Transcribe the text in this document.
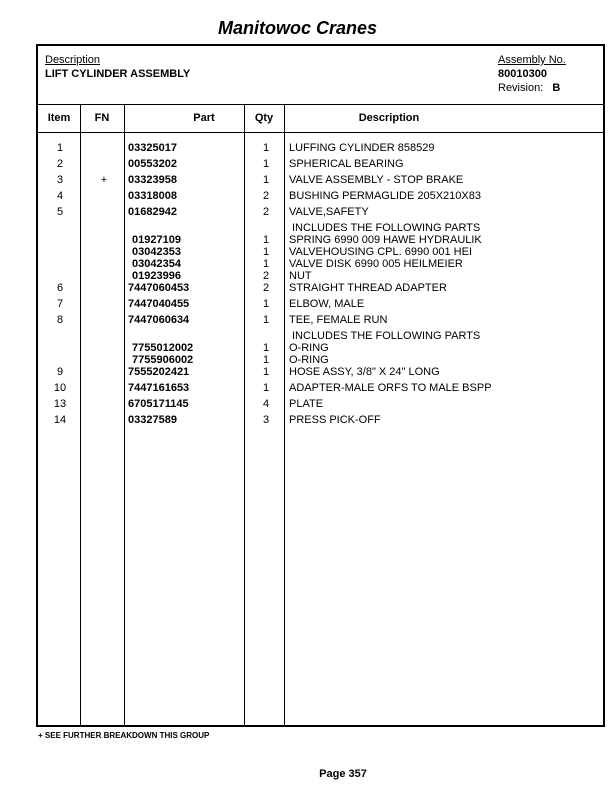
Manitowoc Cranes
Description
LIFT CYLINDER ASSEMBLY
Assembly No.
80010300
Revision: B
Item	FN	Part	Qty	Description
1	03325017	1	LUFFING CYLINDER 858529
2	00553202	1	SPHERICAL BEARING
3	+	03323958	1	VALVE ASSEMBLY - STOP BRAKE
4	03318008	2	BUSHING PERMAGLIDE 205X210X83
5	01682942	2	VALVE,SAFETY
INCLUDES THE FOLLOWING PARTS
01927109	1	SPRING 6990 009 HAWE HYDRAULIK
03042353	1	VALVEHOUSING CPL. 6990 001 HEI
03042354	1	VALVE DISK 6990 005 HEILMEIER
01923996	2	NUT
6	7447060453	2	STRAIGHT THREAD ADAPTER
7	7447040455	1	ELBOW, MALE
8	7447060634	1	TEE, FEMALE RUN
INCLUDES THE FOLLOWING PARTS
7755012002	1	O-RING
7755906002	1	O-RING
9	7555202421	1	HOSE ASSY, 3/8" X 24" LONG
10	7447161653	1	ADAPTER-MALE ORFS TO MALE BSPP
13	6705171145	4	PLATE
14	03327589	3	PRESS PICK-OFF
+ SEE FURTHER BREAKDOWN THIS GROUP
Page 357
